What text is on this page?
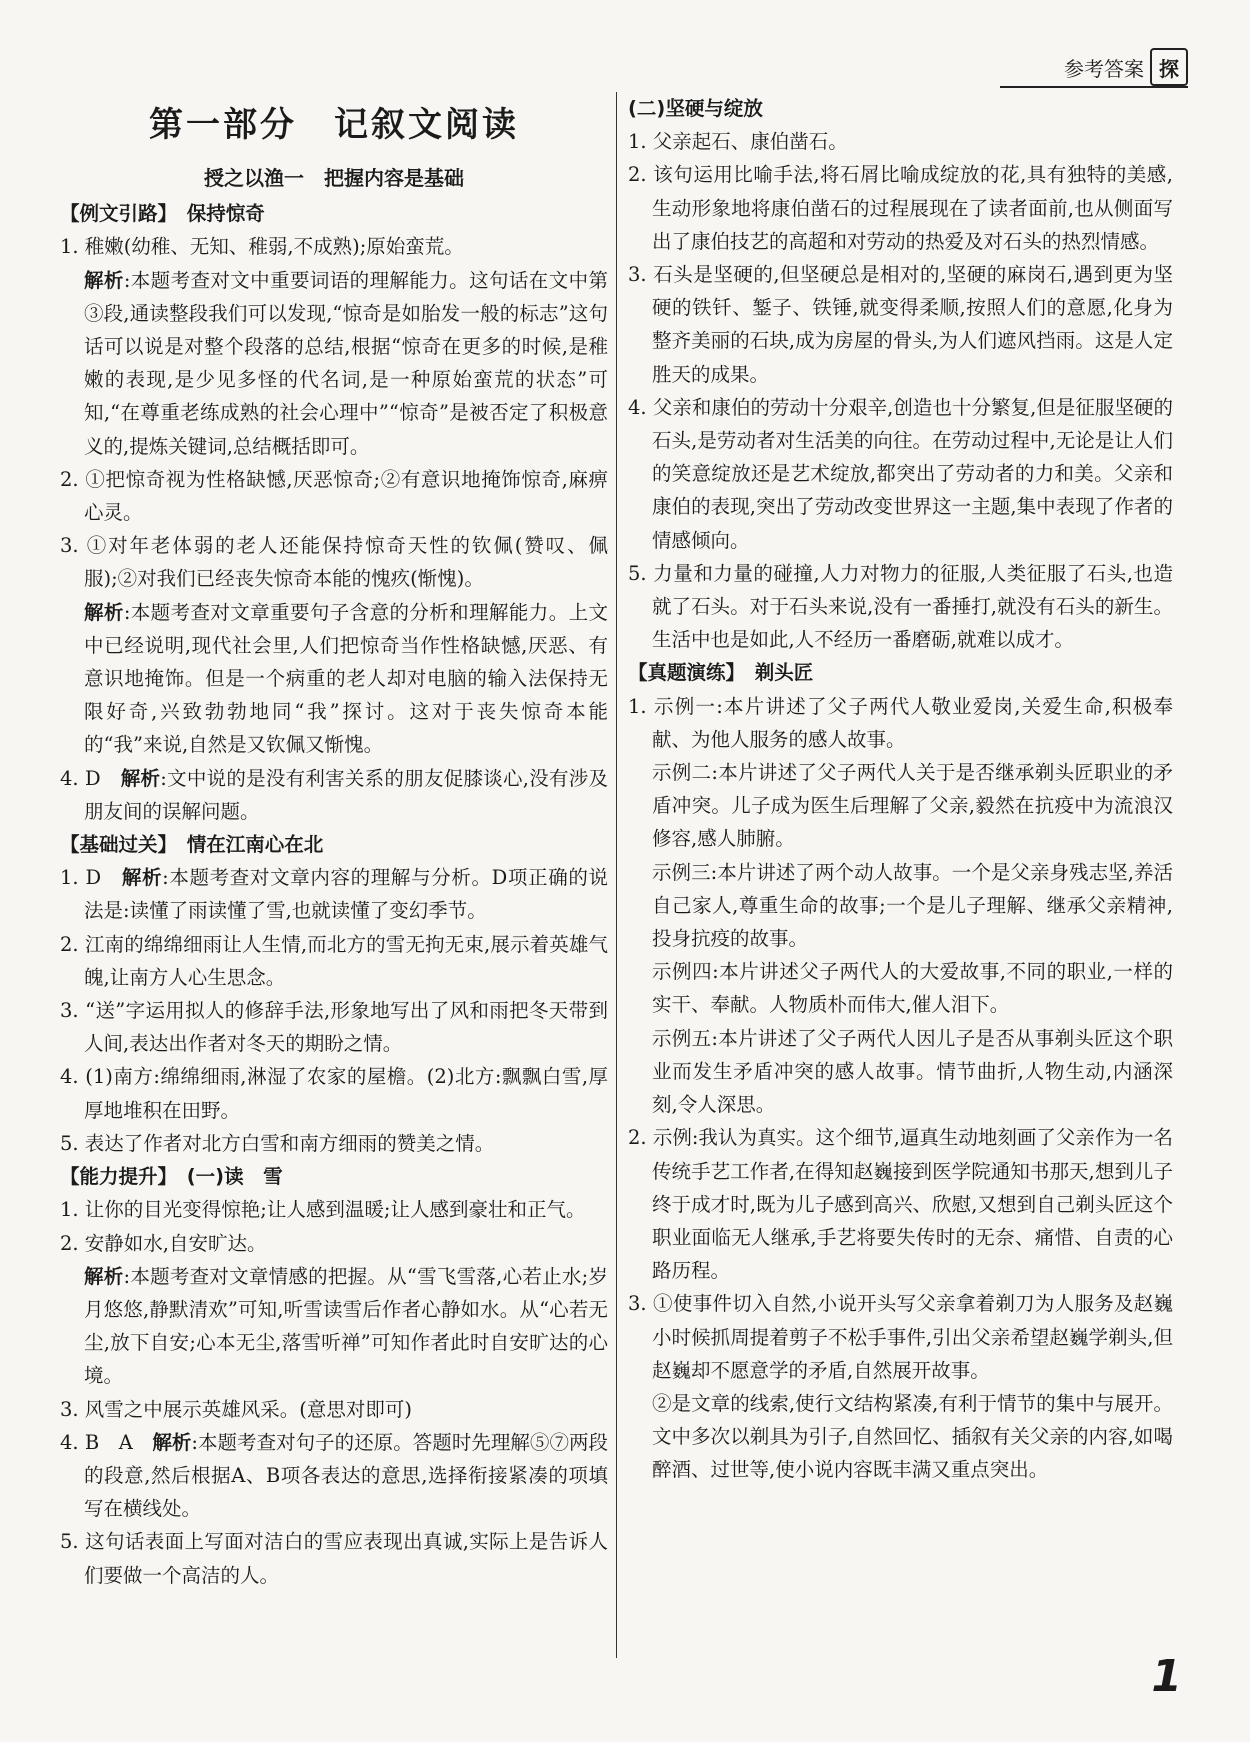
参考答案 探
第一部分　记叙文阅读
授之以渔一　把握内容是基础
【例文引路】　保持惊奇
1. 稚嫩(幼稚、无知、稚弱,不成熟);原始蛮荒。
解析:本题考查对文中重要词语的理解能力。这句话在文中第③段,通读整段我们可以发现,“惊奇是如胎发一般的标志”这句话可以说是对整个段落的总结,根据“惊奇在更多的时候,是稚嫩的表现,是少见多怪的代名词,是一种原始蛮荒的状态”可知,“在尊重老练成熟的社会心理中”“惊奇”是被否定了积极意义的,提炼关键词,总结概括即可。
2. ①把惊奇视为性格缺憾,厌恶惊奇;②有意识地掩饰惊奇,麻痹心灵。
3. ①对年老体弱的老人还能保持惊奇天性的钦佩(赞叹、佩服);②对我们已经丧失惊奇本能的愧疚(惭愧)。
解析:本题考查对文章重要句子含意的分析和理解能力。上文中已经说明,现代社会里,人们把惊奇当作性格缺憾,厌恶、有意识地掩饰。但是一个病重的老人却对电脑的输入法保持无限好奇,兴致勃勃地同“我”探讨。这对于丧失惊奇本能的“我”来说,自然是又钦佩又惭愧。
4. D　解析:文中说的是没有利害关系的朋友促膝谈心,没有涉及朋友间的误解问题。
【基础过关】　情在江南心在北
1. D　解析:本题考查对文章内容的理解与分析。D项正确的说法是:读懂了雨读懂了雪,也就读懂了变幻季节。
2. 江南的绵绵细雨让人生情,而北方的雪无拘无束,展示着英雄气魄,让南方人心生思念。
3. “送”字运用拟人的修辞手法,形象地写出了风和雨把冬天带到人间,表达出作者对冬天的期盼之情。
4. (1)南方:绵绵细雨,淋湿了农家的屋檐。(2)北方:飘飘白雪,厚厚地堆积在田野。
5. 表达了作者对北方白雪和南方细雨的赞美之情。
【能力提升】　(一)读　雪
1. 让你的目光变得惊艳;让人感到温暖;让人感到豪壮和正气。
2. 安静如水,自安旷达。
解析:本题考查对文章情感的把握。从“雪飞雪落,心若止水;岁月悠悠,静默清欢”可知,听雪读雪后作者心静如水。从“心若无尘,放下自安;心本无尘,落雪听禅”可知作者此时自安旷达的心境。
3. 风雪之中展示英雄风采。(意思对即可)
4. B　A　解析:本题考查对句子的还原。答题时先理解⑤⑦两段的段意,然后根据A、B项各表达的意思,选择衔接紧凑的项填写在横线处。
5. 这句话表面上写面对洁白的雪应表现出真诚,实际上是告诉人们要做一个高洁的人。
(二)坚硬与绽放
1. 父亲起石、康伯凿石。
2. 该句运用比喻手法,将石屑比喻成绽放的花,具有独特的美感,生动形象地将康伯凿石的过程展现在了读者面前,也从侧面写出了康伯技艺的高超和对劳动的热爱及对石头的热烈情感。
3. 石头是坚硬的,但坚硬总是相对的,坚硬的麻岗石,遇到更为坚硬的铁钎、錾子、铁锤,就变得柔顺,按照人们的意愿,化身为整齐美丽的石块,成为房屋的骨头,为人们遮风挡雨。这是人定胜天的成果。
4. 父亲和康伯的劳动十分艰辛,创造也十分繁复,但是征服坚硬的石头,是劳动者对生活美的向往。在劳动过程中,无论是让人们的笑意绽放还是艺术绽放,都突出了劳动者的力和美。父亲和康伯的表现,突出了劳动改变世界这一主题,集中表现了作者的情感倾向。
5. 力量和力量的碰撞,人力对物力的征服,人类征服了石头,也造就了石头。对于石头来说,没有一番捶打,就没有石头的新生。生活中也是如此,人不经历一番磨砺,就难以成才。
【真题演练】　剃头匠
1. 示例一:本片讲述了父子两代人敬业爱岗,关爱生命,积极奉献、为他人服务的感人故事。
示例二:本片讲述了父子两代人关于是否继承剃头匠职业的矛盾冲突。儿子成为医生后理解了父亲,毅然在抗疫中为流浪汉修容,感人肺腑。
示例三:本片讲述了两个动人故事。一个是父亲身残志坚,养活自己家人,尊重生命的故事;一个是儿子理解、继承父亲精神,投身抗疫的故事。
示例四:本片讲述父子两代人的大爱故事,不同的职业,一样的实干、奉献。人物质朴而伟大,催人泪下。
示例五:本片讲述了父子两代人因儿子是否从事剃头匠这个职业而发生矛盾冲突的感人故事。情节曲折,人物生动,内涵深刻,令人深思。
2. 示例:我认为真实。这个细节,逼真生动地刻画了父亲作为一名传统手艺工作者,在得知赵巍接到医学院通知书那天,想到儿子终于成才时,既为儿子感到高兴、欣慰,又想到自己剃头匠这个职业面临无人继承,手艺将要失传时的无奈、痛惜、自责的心路历程。
3. ①使事件切入自然,小说开头写父亲拿着剃刀为人服务及赵巍小时候抓周提着剪子不松手事件,引出父亲希望赵巍学剃头,但赵巍却不愿意学的矛盾,自然展开故事。
②是文章的线索,使行文结构紧凑,有利于情节的集中与展开。文中多次以剃具为引子,自然回忆、插叙有关父亲的内容,如喝醉酒、过世等,使小说内容既丰满又重点突出。
1
